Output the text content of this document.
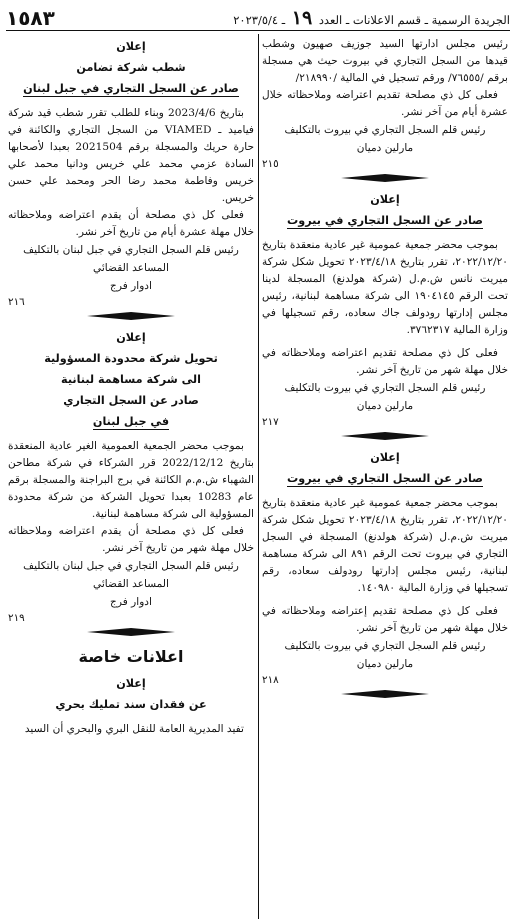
الجريدة الرسمية ـ قسم الاعلانات ـ العدد ١٩ ـ ٢٠٢٣/٥/٤
١٥٨٣

رئيس مجلس ادارتها السيد جوزيف صهيون وشطب قيدها من السجل التجاري في بيروت حيث هي مسجلة برقم /٧٦٥٥٥/ ورقم تسجيل في المالية /٢١٨٩٩٠/

فعلى كل ذي مصلحة تقديم اعتراضه وملاحظاته خلال عشرة أيام من آخر نشر.

رئيس قلم السجل التجاري في بيروت بالتكليف
مارلين دميان
٢١٥
إعلان
صادر عن السجل التجاري في بيروت

بموجب محضر جمعية عمومية غير عادية منعقدة بتاريخ ٢٠٢٢/١٢/٢٠، تقرر بتاريخ ٢٠٢٣/٤/١٨ تحويل شكل شركة ميريت نانس ش.م.ل (شركة هولدنغ) المسجلة لدينا تحت الرقم ١٩٠٤١٤٥ الى شركة مساهمة لبنانية، رئيس مجلس إدارتها رودولف جاك سعاده، رقم تسجيلها في وزارة المالية ٣٧٦٢٣١٧.

فعلى كل ذي مصلحة تقديم اعتراضه وملاحظاته في خلال مهلة شهر من تاريخ آخر نشر.

رئيس قلم السجل التجاري في بيروت بالتكليف
مارلين دميان
٢١٧
إعلان
صادر عن السجل التجاري في بيروت

بموجب محضر جمعية عمومية غير عادية منعقدة بتاريخ ٢٠٢٢/١٢/٢٠، تقرر بتاريخ ٢٠٢٣/٤/١٨ تحويل شكل شركة ميريت ش.م.ل (شركة هولدنغ) المسجلة في السجل التجاري في بيروت تحت الرقم ٨٩١ الى شركة مساهمة لبنانية، رئيس مجلس إدارتها رودولف سعاده، رقم تسجيلها في وزارة المالية ١٤٠٩٨٠.

فعلى كل ذي مصلحة تقديم إعتراضه وملاحظاته في خلال مهلة شهر من تاريخ آخر نشر.

رئيس قلم السجل التجاري في بيروت بالتكليف
مارلين دميان
٢١٨
إعلان
شطب شركة تضامن
صادر عن السجل التجاري في جبل لبنان

بتاريخ 2023/4/6 وبناء للطلب تقرر شطب قيد شركة فياميد ـ VIAMED من السجل التجاري والكائنة في حارة حريك والمسجلة برقم 2021504 بعبدا لأصحابها السادة عزمي محمد علي خريس ودانيا محمد علي خريس وفاطمة محمد رضا الحر ومحمد علي حسن خريس.

فعلى كل ذي مصلحة أن يقدم اعتراضه وملاحظاته خلال مهلة عشرة أيام من تاريخ آخر نشر.

رئيس قلم السجل التجاري في جبل لبنان بالتكليف
المساعد القضائي
ادوار فرج
٢١٦
إعلان
تحويل شركة محدودة المسؤولية
الى شركة مساهمة لبنانية
صادر عن السجل التجاري
في جبل لبنان

بموجب محضر الجمعية العمومية الغير عادية المنعقدة بتاريخ 2022/12/12 قرر الشركاء في شركة مطاحن الشهباء ش.م.م الكائنة في برج البراجنة والمسجلة برقم عام 10283 بعبدا تحويل الشركة من شركة محدودة المسؤولية الى شركة مساهمة لبنانية.

فعلى كل ذي مصلحة أن يقدم اعتراضه وملاحظاته خلال مهلة شهر من تاريخ آخر نشر.

رئيس قلم السجل التجاري في جبل لبنان بالتكليف
المساعد القضائي
ادوار فرج
٢١٩
اعلانات خاصة
إعلان
عن فقدان سند تمليك بحري

تفيد المديرية العامة للنقل البري والبحري أن السيد
